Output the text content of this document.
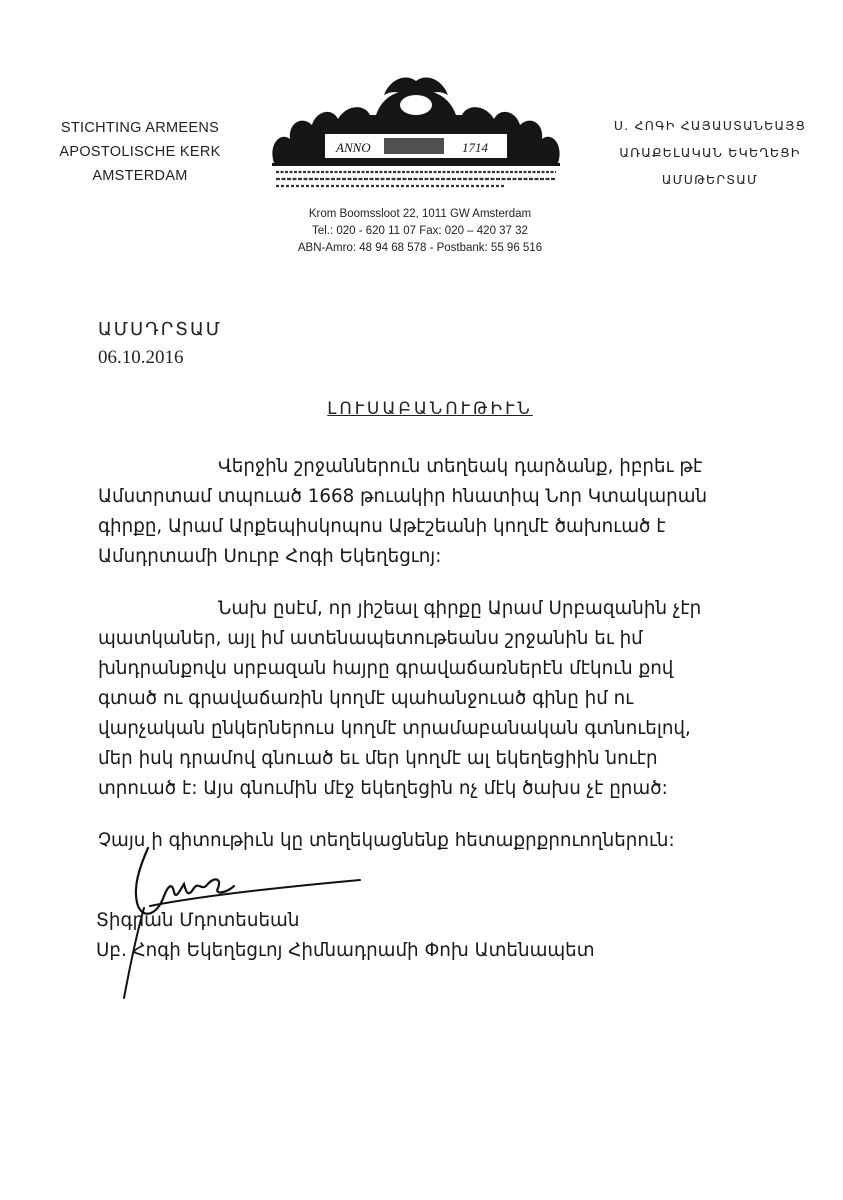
STICHTING ARMEENS
APOSTOLISCHE KERK
AMSTERDAM
ANNO	1714
Ս. ՀՈԳԻ ՀԱՅԱՍՏԱՆԵԱՅՑ
ԱՌԱՔԵԼԱԿԱՆ ԵԿԵՂԵՑԻ
ԱՄՍԹԵՐՏԱՄ
Krom Boomssloot 22, 1011 GW Amsterdam
Tel.: 020 - 620 11 07 Fax: 020 – 420 37 32
ABN-Amro: 48 94 68 578 - Postbank: 55 96 516
ԱՄՍԴՐՏԱՄ
06.10.2016
ԼՈՒՍԱԲԱՆՈՒԹԻՒՆ
Վերջին շրջաններուն տեղեակ դարձանք, իբրեւ թէ
Ամստրտամ տպուած 1668 թուակիր հնատիպ Նոր Կտակարան
գիրքը, Արամ Արքեպիսկոպոս Աթէշեանի կողմէ ծախուած է
Ամսդրտամի Սուրբ Հոգի Եկեղեցւոյ:
Նախ ըսէմ, որ յիշեալ գիրքը Արամ Սրբազանին չէր
պատկաներ, այլ իմ ատենապետութեանս շրջանին եւ իմ
խնդրանքովս սրբազան հայրը գրավաճառներէն մէկուն քով
գտած ու գրավաճառին կողմէ պահանջուած գինը իմ ու
վարչական ընկերներուս կողմէ տրամաբանական գտնուելով,
մեր իսկ դրամով գնուած եւ մեր կողմէ ալ եկեղեցիին նուէր
տրուած է: Այս գնումին մէջ եկեղեցին ոչ մէկ ծախս չէ ըրած:
Չայս ի գիտութիւն կը տեղեկացնենք հետաքրքրուողներուն:
Տիգրան Մդոտեսեան
Սբ. Հոգի Եկեղեցւոյ Հիմնադրամի Փոխ Ատենապետ
